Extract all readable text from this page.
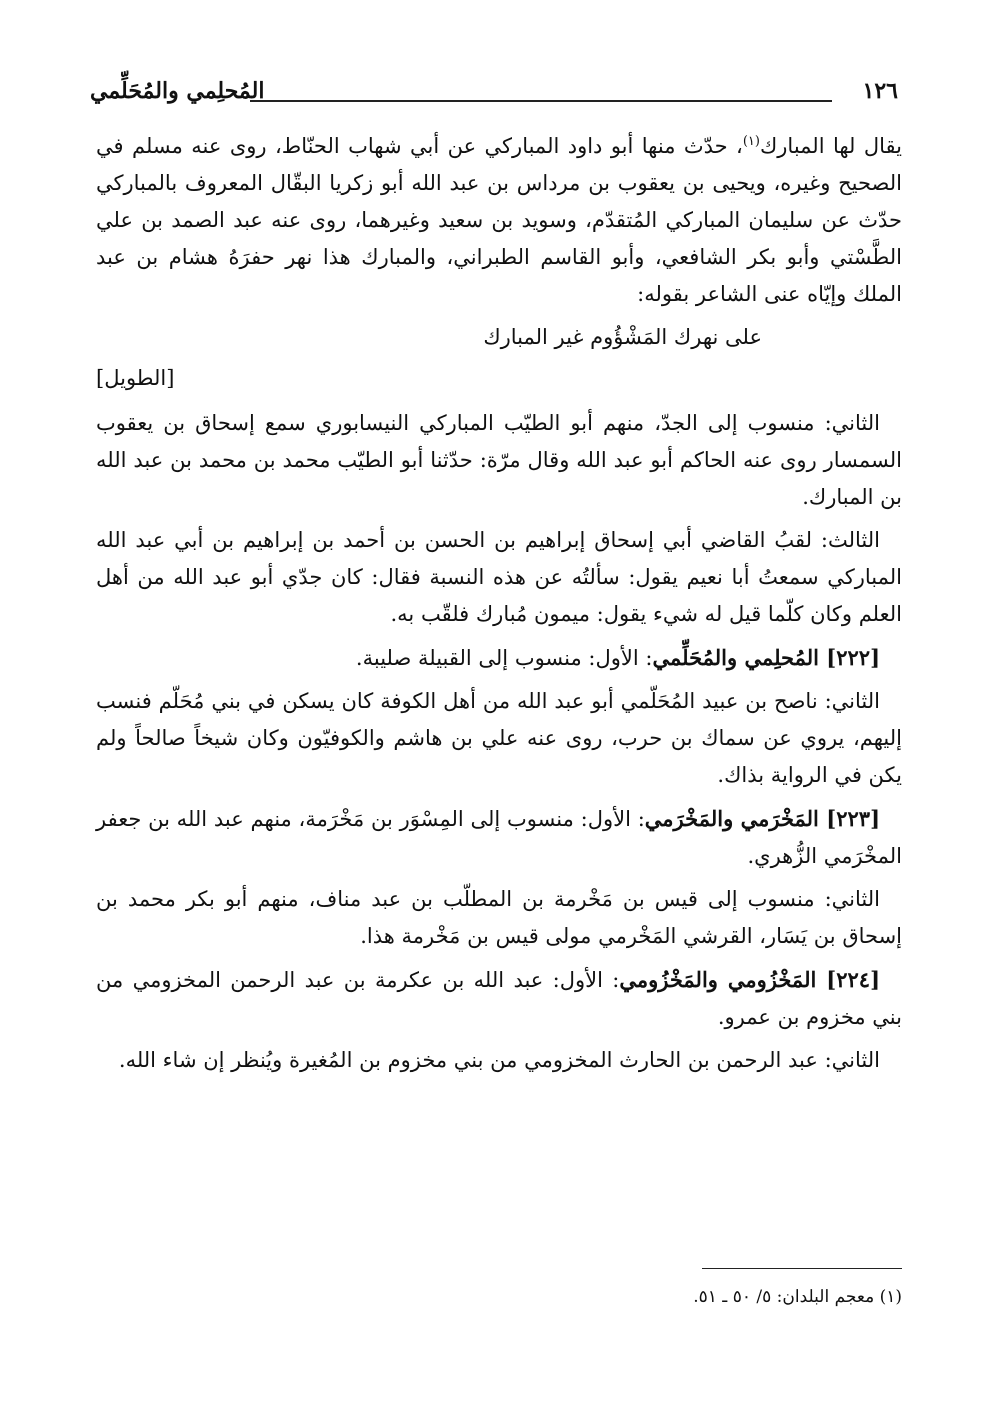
١٢٦
المُحلِمي والمُحَلِّمي

يقال لها المبارك$^{(١)}$، حدّث منها أبو داود المباركي عن أبي شهاب الحنّاط، روى عنه مسلم في الصحيح وغيره، ويحيى بن يعقوب بن مرداس بن عبد الله أبو زكريا البقّال المعروف بالمباركي حدّث عن سليمان المباركي المُتقدّم، وسويد بن سعيد وغيرهما، روى عنه عبد الصمد بن علي الطَّسْتي وأبو بكر الشافعي، وأبو القاسم الطبراني، والمبارك هذا نهر حفرَهُ هشام بن عبد الملك وإيّاه عنى الشاعر بقوله:

على نهرك المَشْؤُوم غير المبارك

[الطويل]

الثاني: منسوب إلى الجدّ، منهم أبو الطيّب المباركي النيسابوري سمع إسحاق بن يعقوب السمسار روى عنه الحاكم أبو عبد الله وقال مرّة: حدّثنا أبو الطيّب محمد بن محمد بن عبد الله بن المبارك.

الثالث: لقبُ القاضي أبي إسحاق إبراهيم بن الحسن بن أحمد بن إبراهيم بن أبي عبد الله المباركي سمعتُ أبا نعيم يقول: سألتُه عن هذه النسبة فقال: كان جدّي أبو عبد الله من أهل العلم وكان كلّما قيل له شيء يقول: ميمون مُبارك فلقّب به.

[٢٢٢] المُحلِمي والمُحَلِّمي: الأول: منسوب إلى القبيلة صليبة.

الثاني: ناصح بن عبيد المُحَلّمي أبو عبد الله من أهل الكوفة كان يسكن في بني مُحَلّم فنسب إليهم، يروي عن سماك بن حرب، روى عنه علي بن هاشم والكوفيّون وكان شيخاً صالحاً ولم يكن في الرواية بذاك.

[٢٢٣] المَخْرَمي والمَخْرَمي: الأول: منسوب إلى المِسْوَر بن مَخْرَمة، منهم عبد الله بن جعفر المخْرَمي الزُّهري.

الثاني: منسوب إلى قيس بن مَخْرمة بن المطلّب بن عبد مناف، منهم أبو بكر محمد بن إسحاق بن يَسَار، القرشي المَخْرمي مولى قيس بن مَخْرمة هذا.

[٢٢٤] المَخْزُومي والمَخْزُومي: الأول: عبد الله بن عكرمة بن عبد الرحمن المخزومي من بني مخزوم بن عمرو.

الثاني: عبد الرحمن بن الحارث المخزومي من بني مخزوم بن المُغيرة ويُنظر إن شاء الله.

(١) معجم البلدان: ٥/ ٥٠ ـ ٥١.
